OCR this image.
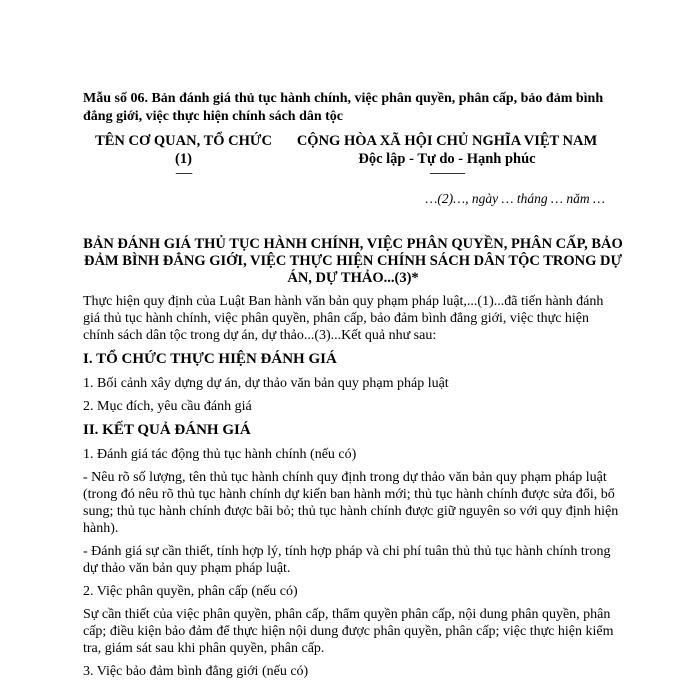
Mẫu số 06. Bản đánh giá thủ tục hành chính, việc phân quyền, phân cấp, bảo đảm bình đẳng giới, việc thực hiện chính sách dân tộc
TÊN CƠ QUAN, TỔ CHỨC
(1)
-------
CỘNG HÒA XÃ HỘI CHỦ NGHĨA VIỆT NAM
Độc lập - Tự do - Hạnh phúc
---------------
…(2)…, ngày … tháng … năm …
BẢN ĐÁNH GIÁ THỦ TỤC HÀNH CHÍNH, VIỆC PHÂN QUYỀN, PHÂN CẤP, BẢO ĐẢM BÌNH ĐẲNG GIỚI, VIỆC THỰC HIỆN CHÍNH SÁCH DÂN TỘC TRONG DỰ ÁN, DỰ THẢO...(3)*

Thực hiện quy định của Luật Ban hành văn bản quy phạm pháp luật,...(1)...đã tiến hành đánh giá thủ tục hành chính, việc phân quyền, phân cấp, bảo đảm bình đẳng giới, việc thực hiện chính sách dân tộc trong dự án, dự thảo...(3)...Kết quả như sau:

I. TỔ CHỨC THỰC HIỆN ĐÁNH GIÁ

1. Bối cảnh xây dựng dự án, dự thảo văn bản quy phạm pháp luật

2. Mục đích, yêu cầu đánh giá

II. KẾT QUẢ ĐÁNH GIÁ

1. Đánh giá tác động thủ tục hành chính (nếu có)

- Nêu rõ số lượng, tên thủ tục hành chính quy định trong dự thảo văn bản quy phạm pháp luật (trong đó nêu rõ thủ tục hành chính dự kiến ban hành mới; thủ tục hành chính được sửa đổi, bổ sung; thủ tục hành chính được bãi bỏ; thủ tục hành chính được giữ nguyên so với quy định hiện hành).

- Đánh giá sự cần thiết, tính hợp lý, tính hợp pháp và chi phí tuân thủ thủ tục hành chính trong dự thảo văn bản quy phạm pháp luật.

2. Việc phân quyền, phân cấp (nếu có)

Sự cần thiết của việc phân quyền, phân cấp, thẩm quyền phân cấp, nội dung phân quyền, phân cấp; điều kiện bảo đảm để thực hiện nội dung được phân quyền, phân cấp; việc thực hiện kiểm tra, giám sát sau khi phân quyền, phân cấp.

3. Việc bảo đảm bình đẳng giới (nếu có)
